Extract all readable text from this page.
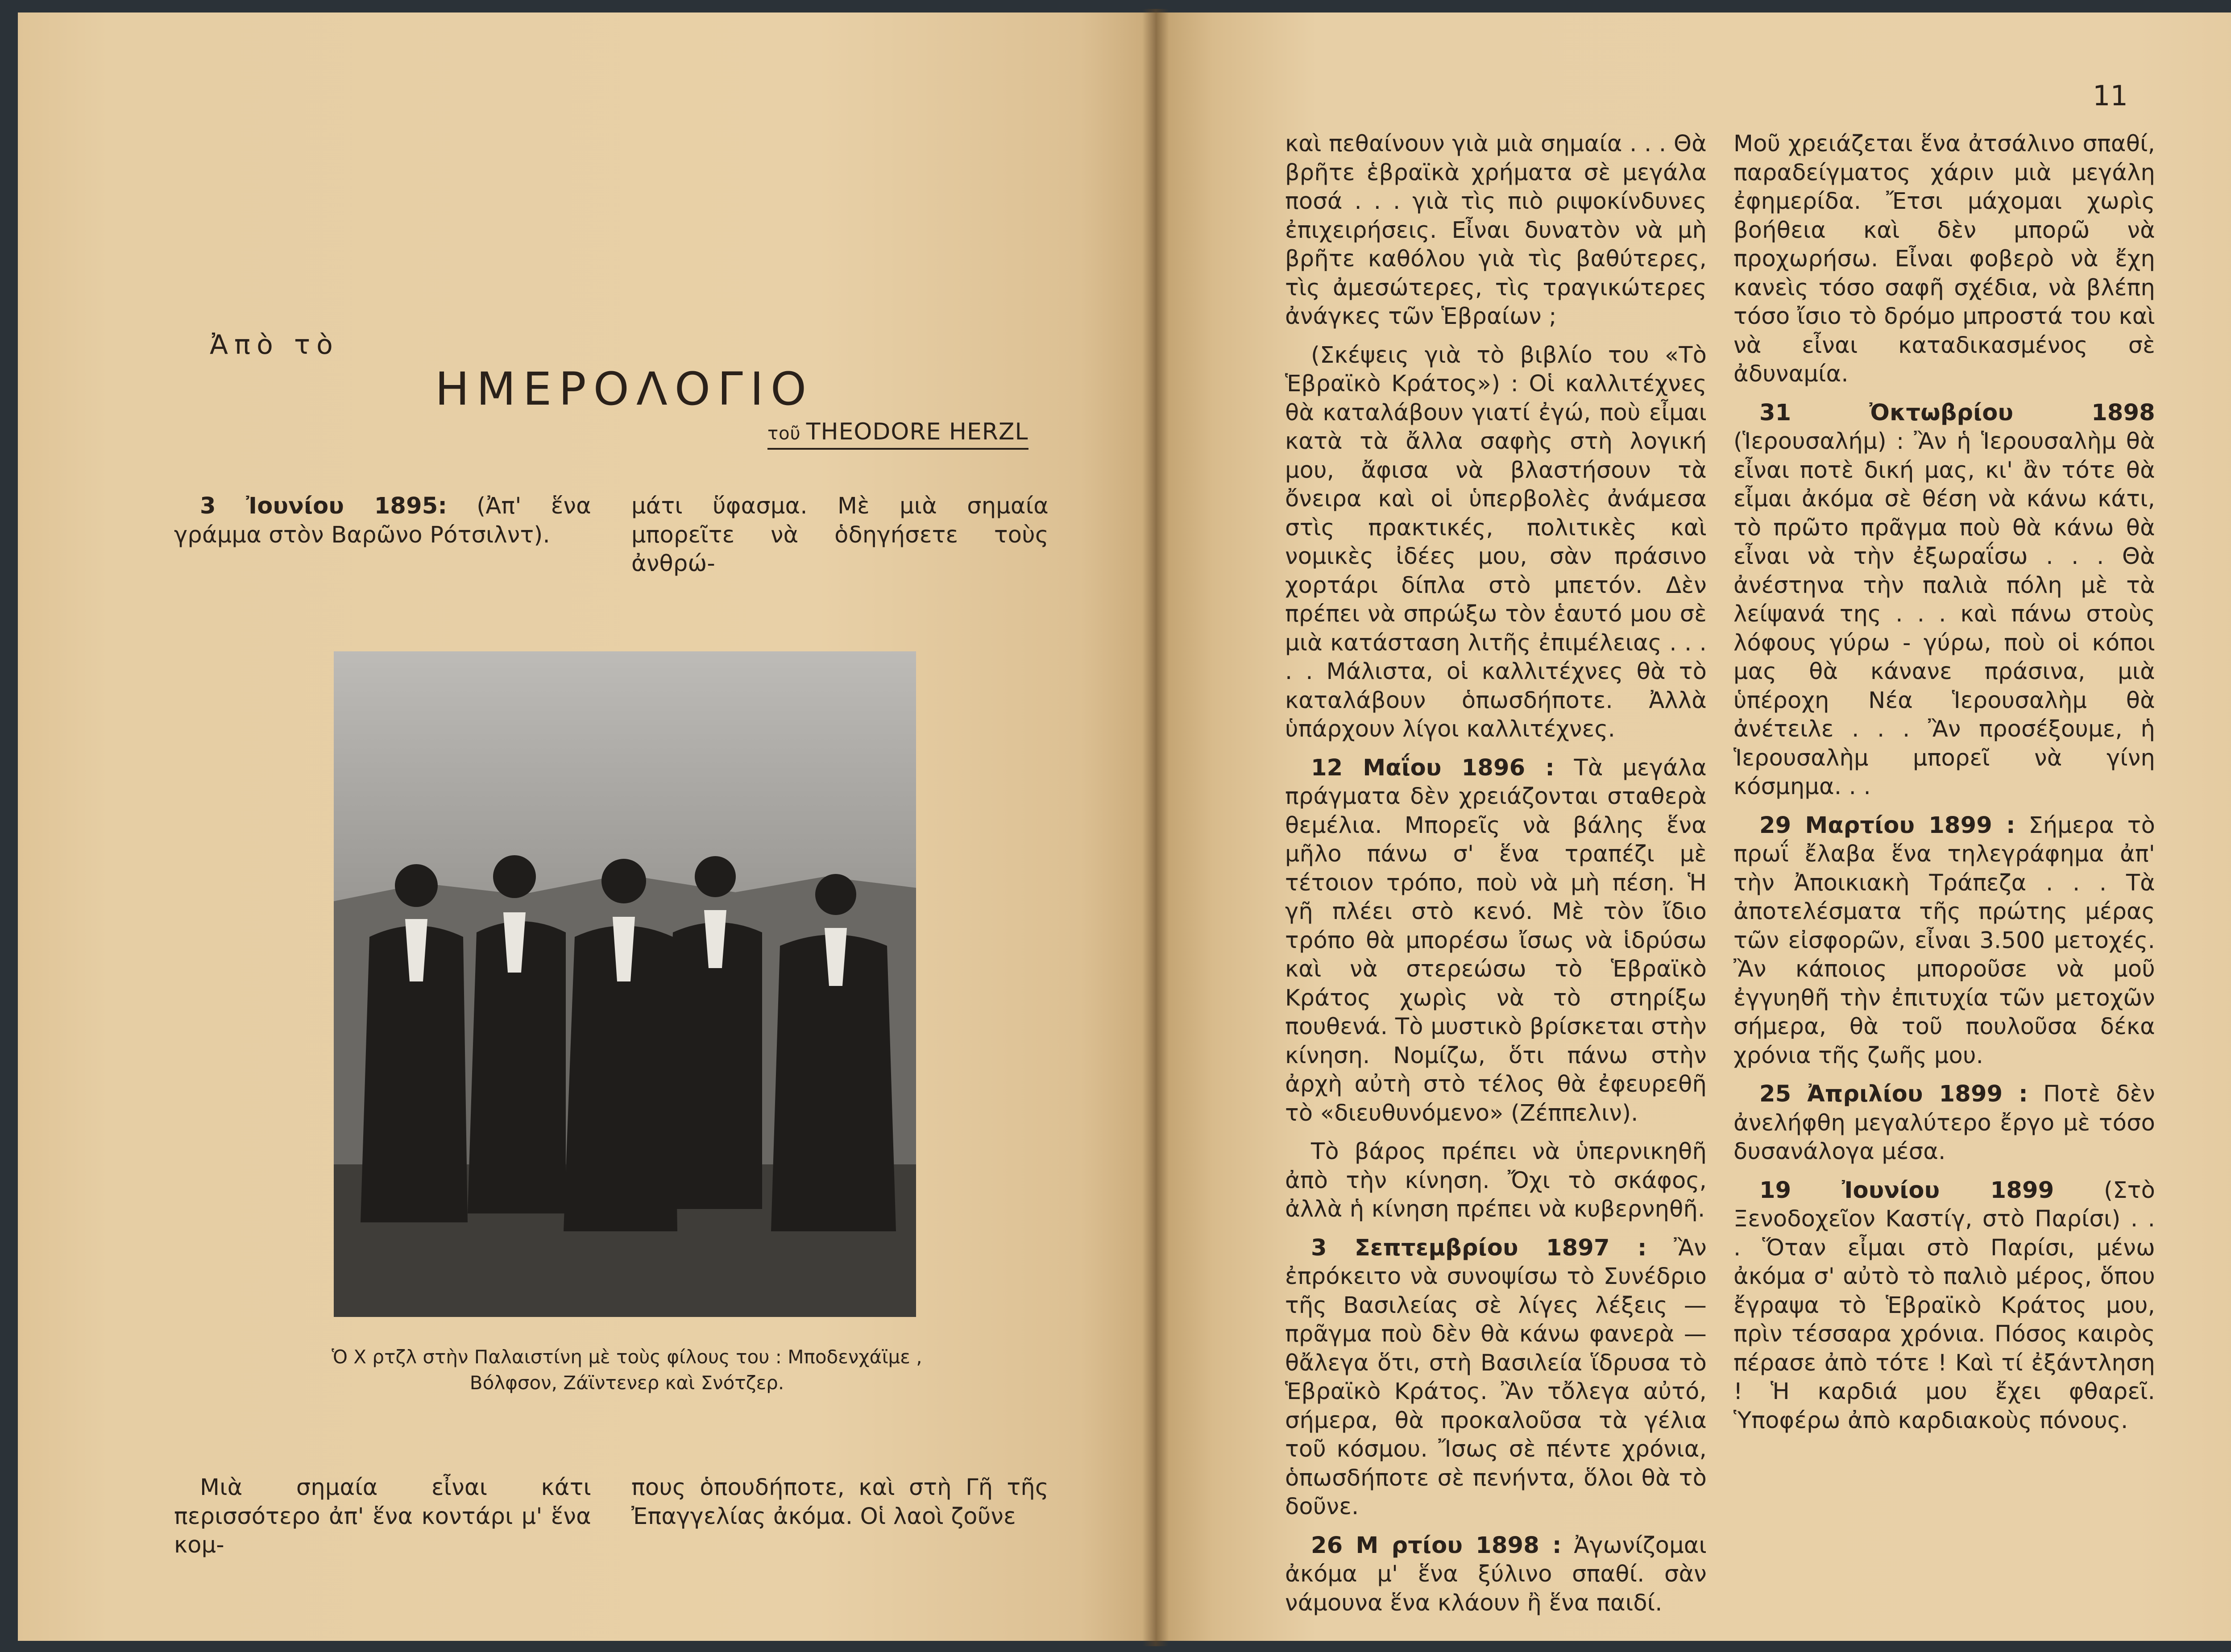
Ἀπὸ τὸ
ΗΜΕΡΟΛΟΓΙΟ
τοῦ THEODORE HERZL

3 Ἰουνίου 1895: (Ἀπ' ἕνα γράμμα στὸν Βαρῶνο Ρότσιλντ).

μάτι ὕφασμα. Μὲ μιὰ σημαία μπορεῖτε νὰ ὁδηγήσετε τοὺς ἀνθρώ-

Ὁ Χ ρτζλ στὴν Παλαιστίνη μὲ τοὺς φίλους του : Μποδενχάϊμε , Βόλφσον, Ζάϊντενερ καὶ Σνότζερ.

Μιὰ σημαία εἶναι κάτι περισσότερο ἀπ' ἕνα κοντάρι μ' ἕνα κομ-

πους ὁπουδήποτε, καὶ στὴ Γῆ τῆς Ἐπαγγελίας ἀκόμα. Οἱ λαοὶ ζοῦνε

11

καὶ πεθαίνουν γιὰ μιὰ σημαία . . . Θὰ βρῆτε ἑβραϊκὰ χρήματα σὲ μεγάλα ποσά . . . γιὰ τὶς πιὸ ριψοκίνδυνες ἐπιχειρήσεις. Εἶναι δυνατὸν νὰ μὴ βρῆτε καθόλου γιὰ τὶς βαθύτερες, τὶς ἀμεσώτερες, τὶς τραγικώτερες ἀνάγκες τῶν Ἑβραίων ;

(Σκέψεις γιὰ τὸ βιβλίο του «Τὸ Ἑβραϊκὸ Κράτος») : Οἱ καλλιτέχνες θὰ καταλάβουν γιατί ἐγώ, ποὺ εἶμαι κατὰ τὰ ἄλλα σαφὴς στὴ λογική μου, ἄφισα νὰ βλαστήσουν τὰ ὄνειρα καὶ οἱ ὑπερβολὲς ἀνάμεσα στὶς πρακτικές, πολιτικὲς καὶ νομικὲς ἰδέες μου, σὰν πράσινο χορτάρι δίπλα στὸ μπετόν. Δὲν πρέπει νὰ σπρώξω τὸν ἑαυτό μου σὲ μιὰ κατάσταση λιτῆς ἐπιμέλειας . . . . . Μάλιστα, οἱ καλλιτέχνες θὰ τὸ καταλάβουν ὁπωσδήποτε. Ἀλλὰ ὑπάρχουν λίγοι καλλιτέχνες.

12 Μαΐου 1896 : Τὰ μεγάλα πράγματα δὲν χρειάζονται σταθερὰ θεμέλια. Μπορεῖς νὰ βάλης ἕνα μῆλο πάνω σ' ἕνα τραπέζι μὲ τέτοιον τρόπο, ποὺ νὰ μὴ πέση. Ἡ γῆ πλέει στὸ κενό. Μὲ τὸν ἴδιο τρόπο θὰ μπορέσω ἴσως νὰ ἱδρύσω καὶ νὰ στερεώσω τὸ Ἑβραϊκὸ Κράτος χωρὶς νὰ τὸ στηρίξω πουθενά. Τὸ μυστικὸ βρίσκεται στὴν κίνηση. Νομίζω, ὅτι πάνω στὴν ἀρχὴ αὐτὴ στὸ τέλος θὰ ἐφευρεθῆ τὸ «διευθυνόμενο» (Ζέππελιν).

Τὸ βάρος πρέπει νὰ ὑπερνικηθῆ ἀπὸ τὴν κίνηση. Ὄχι τὸ σκάφος, ἀλλὰ ἡ κίνηση πρέπει νὰ κυβερνηθῆ.

3 Σεπτεμβρίου 1897 : Ἂν ἐπρόκειτο νὰ συνοψίσω τὸ Συνέδριο τῆς Βασιλείας σὲ λίγες λέξεις — πρᾶγμα ποὺ δὲν θὰ κάνω φανερὰ — θἄλεγα ὅτι, στὴ Βασιλεία ἵδρυσα τὸ Ἑβραϊκὸ Κράτος. Ἂν τὄλεγα αὐτό, σήμερα, θὰ προκαλοῦσα τὰ γέλια τοῦ κόσμου. Ἴσως σὲ πέντε χρόνια, ὁπωσδήποτε σὲ πενήντα, ὅλοι θὰ τὸ δοῦνε.

26 Μ ρτίου 1898 : Ἀγωνίζομαι ἀκόμα μ' ἕνα ξύλινο σπαθί. σὰν νάμουνα ἕνα κλάουν ἢ ἕνα παιδί.

Μοῦ χρειάζεται ἕνα ἀτσάλινο σπαθί, παραδείγματος χάριν μιὰ μεγάλη ἐφημερίδα. Ἔτσι μάχομαι χωρὶς βοήθεια καὶ δὲν μπορῶ νὰ προχωρήσω. Εἶναι φοβερὸ νὰ ἔχη κανεὶς τόσο σαφῆ σχέδια, νὰ βλέπη τόσο ἴσιο τὸ δρόμο μπροστά του καὶ νὰ εἶναι καταδικασμένος σὲ ἀδυναμία.

31 Ὀκτωβρίου 1898 (Ἱερουσαλήμ) : Ἂν ἡ Ἱερουσαλὴμ θὰ εἶναι ποτὲ δική μας, κι' ἂν τότε θὰ εἶμαι ἀκόμα σὲ θέση νὰ κάνω κάτι, τὸ πρῶτο πρᾶγμα ποὺ θὰ κάνω θὰ εἶναι νὰ τὴν ἐξωραΐσω . . . Θὰ ἀνέστηνα τὴν παλιὰ πόλη μὲ τὰ λείψανά της . . . καὶ πάνω στοὺς λόφους γύρω - γύρω, ποὺ οἱ κόποι μας θὰ κάνανε πράσινα, μιὰ ὑπέροχη Νέα Ἱερουσαλὴμ θὰ ἀνέτειλε . . . Ἂν προσέξουμε, ἡ Ἱερουσαλὴμ μπορεῖ νὰ γίνη κόσμημα. . .

29 Μαρτίου 1899 : Σήμερα τὸ πρωΐ ἔλαβα ἕνα τηλεγράφημα ἀπ' τὴν Ἀποικιακὴ Τράπεζα . . . Τὰ ἀποτελέσματα τῆς πρώτης μέρας τῶν εἰσφορῶν, εἶναι 3.500 μετοχές. Ἂν κάποιος μποροῦσε νὰ μοῦ ἐγγυηθῆ τὴν ἐπιτυχία τῶν μετοχῶν σήμερα, θὰ τοῦ πουλοῦσα δέκα χρόνια τῆς ζωῆς μου.

25 Ἀπριλίου 1899 : Ποτὲ δὲν ἀνελήφθη μεγαλύτερο ἔργο μὲ τόσο δυσανάλογα μέσα.

19 Ἰουνίου 1899 (Στὸ Ξενοδοχεῖον Καστίγ, στὸ Παρίσι) . . . Ὅταν εἶμαι στὸ Παρίσι, μένω ἀκόμα σ' αὐτὸ τὸ παλιὸ μέρος, ὅπου ἔγραψα τὸ Ἑβραϊκὸ Κράτος μου, πρὶν τέσσαρα χρόνια. Πόσος καιρὸς πέρασε ἀπὸ τότε ! Καὶ τί ἐξάντληση ! Ἡ καρδιά μου ἔχει φθαρεῖ. Ὑποφέρω ἀπὸ καρδιακοὺς πόνους.
